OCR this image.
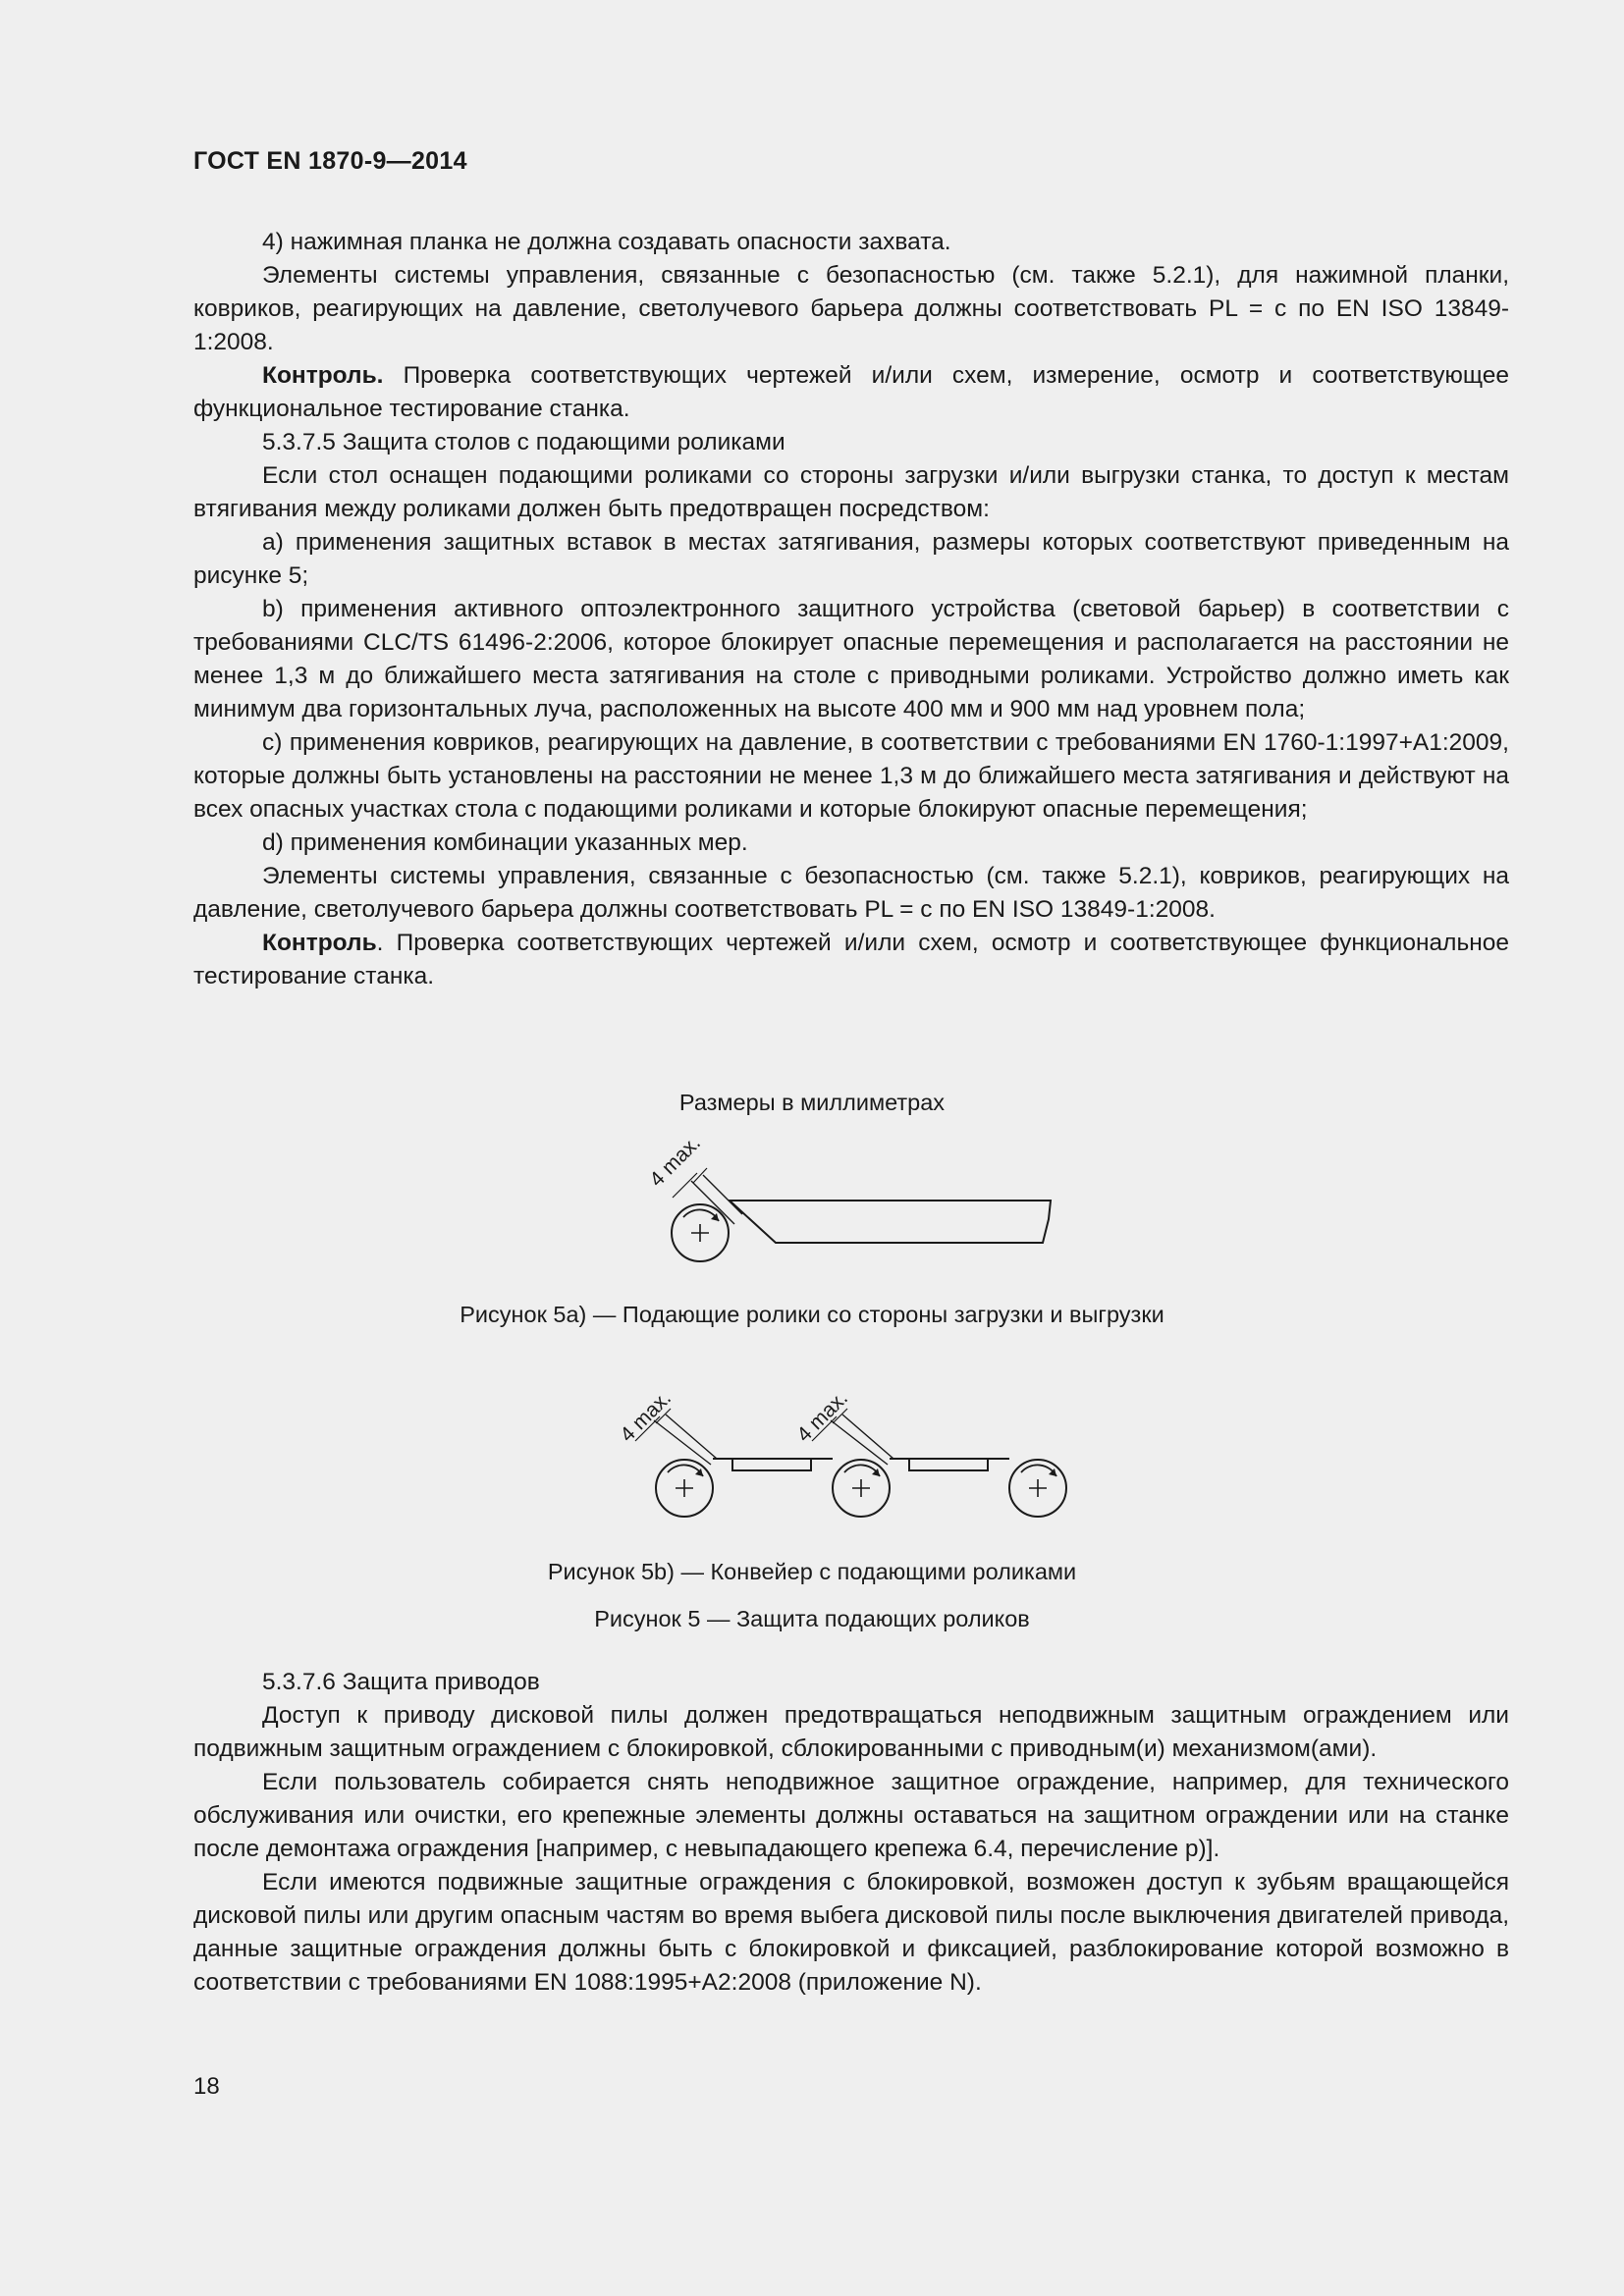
ГОСТ EN 1870-9—2014

4) нажимная планка не должна создавать опасности захвата.

Элементы системы управления, связанные с безопасностью (см. также 5.2.1), для нажимной планки, ковриков, реагирующих на давление, светолучевого барьера должны соответствовать PL = c по EN ISO 13849-1:2008.

Контроль. Проверка соответствующих чертежей и/или схем, измерение, осмотр и соответствующее функциональное тестирование станка.

5.3.7.5 Защита столов с подающими роликами

Если стол оснащен подающими роликами со стороны загрузки и/или выгрузки станка, то доступ к местам втягивания между роликами должен быть предотвращен посредством:

a) применения защитных вставок в местах затягивания, размеры которых соответствуют приведенным на рисунке 5;

b) применения активного оптоэлектронного защитного устройства (световой барьер) в соответствии с требованиями CLC/TS 61496-2:2006, которое блокирует опасные перемещения и располагается на расстоянии не менее 1,3 м до ближайшего места затягивания на столе с приводными роликами. Устройство должно иметь как минимум два горизонтальных луча, расположенных на высоте 400 мм и 900 мм над уровнем пола;

c) применения ковриков, реагирующих на давление, в соответствии с требованиями EN 1760-1:1997+A1:2009, которые должны быть установлены на расстоянии не менее 1,3 м до ближайшего места затягивания и действуют на всех опасных участках стола с подающими роликами и которые блокируют опасные перемещения;

d) применения комбинации указанных мер.

Элементы системы управления, связанные с безопасностью (см. также 5.2.1), ковриков, реагирующих на давление, светолучевого барьера должны соответствовать PL = c по EN ISO 13849-1:2008.

Контроль. Проверка соответствующих чертежей и/или схем, осмотр и соответствующее функциональное тестирование станка.

Размеры в миллиметрах
4 max.
Рисунок 5а) — Подающие ролики со стороны загрузки и выгрузки
4 max.	4 max.
Рисунок 5b) — Конвейер с подающими роликами
Рисунок 5 — Защита подающих роликов

5.3.7.6 Защита приводов

Доступ к приводу дисковой пилы должен предотвращаться неподвижным защитным ограждением или подвижным защитным ограждением с блокировкой, сблокированными с приводным(и) механизмом(ами).

Если пользователь собирается снять неподвижное защитное ограждение, например, для технического обслуживания или очистки, его крепежные элементы должны оставаться на защитном ограждении или на станке после демонтажа ограждения [например, с невыпадающего крепежа 6.4, перечисление p)].

Если имеются подвижные защитные ограждения с блокировкой, возможен доступ к зубьям вращающейся дисковой пилы или другим опасным частям во время выбега дисковой пилы после выключения двигателей привода, данные защитные ограждения должны быть с блокировкой и фиксацией, разблокирование которой возможно в соответствии с требованиями EN 1088:1995+A2:2008 (приложение N).

18
